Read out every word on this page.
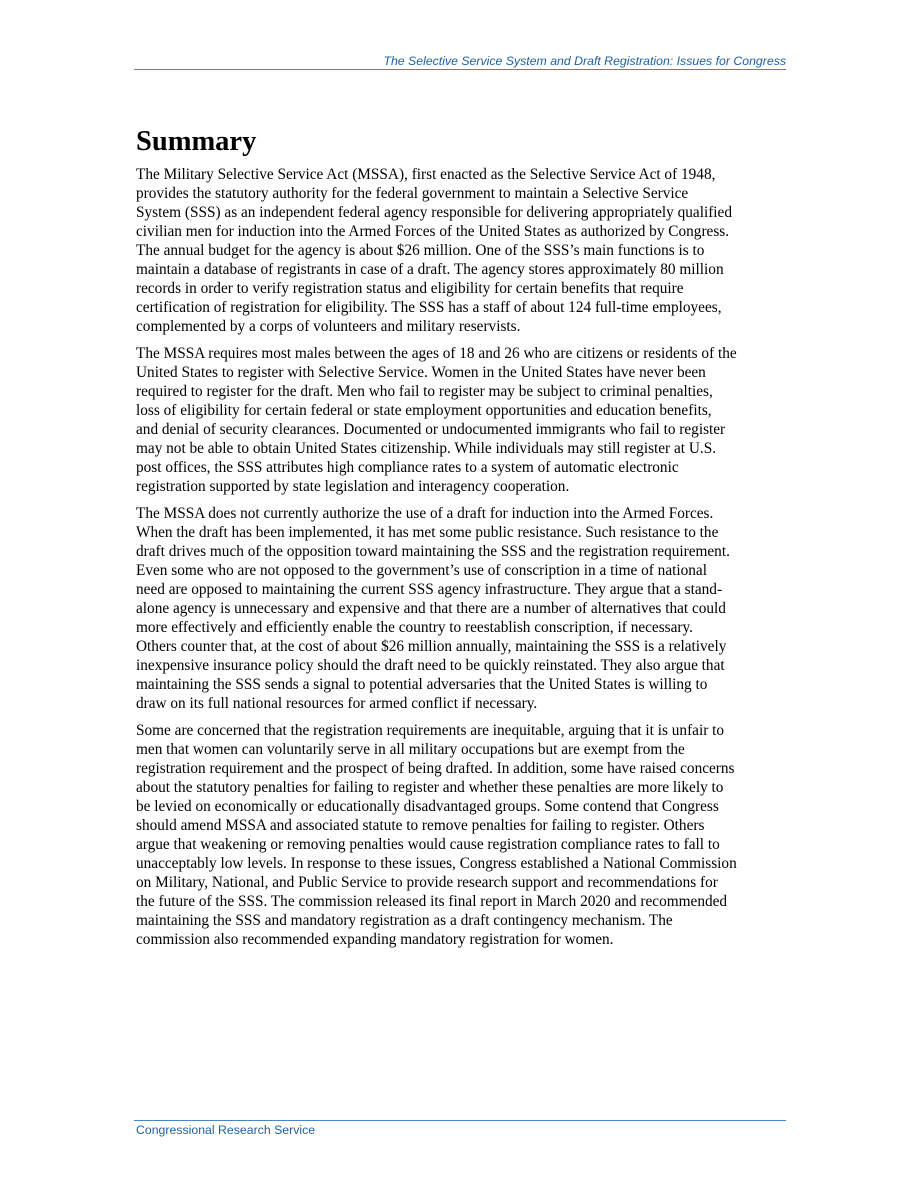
The Selective Service System and Draft Registration: Issues for Congress
Summary

The Military Selective Service Act (MSSA), first enacted as the Selective Service Act of 1948,
provides the statutory authority for the federal government to maintain a Selective Service
System (SSS) as an independent federal agency responsible for delivering appropriately qualified
civilian men for induction into the Armed Forces of the United States as authorized by Congress.
The annual budget for the agency is about $26 million. One of the SSS’s main functions is to
maintain a database of registrants in case of a draft. The agency stores approximately 80 million
records in order to verify registration status and eligibility for certain benefits that require
certification of registration for eligibility. The SSS has a staff of about 124 full-time employees,
complemented by a corps of volunteers and military reservists.

The MSSA requires most males between the ages of 18 and 26 who are citizens or residents of the
United States to register with Selective Service. Women in the United States have never been
required to register for the draft. Men who fail to register may be subject to criminal penalties,
loss of eligibility for certain federal or state employment opportunities and education benefits,
and denial of security clearances. Documented or undocumented immigrants who fail to register
may not be able to obtain United States citizenship. While individuals may still register at U.S.
post offices, the SSS attributes high compliance rates to a system of automatic electronic
registration supported by state legislation and interagency cooperation.

The MSSA does not currently authorize the use of a draft for induction into the Armed Forces.
When the draft has been implemented, it has met some public resistance. Such resistance to the
draft drives much of the opposition toward maintaining the SSS and the registration requirement.
Even some who are not opposed to the government’s use of conscription in a time of national
need are opposed to maintaining the current SSS agency infrastructure. They argue that a stand-
alone agency is unnecessary and expensive and that there are a number of alternatives that could
more effectively and efficiently enable the country to reestablish conscription, if necessary.
Others counter that, at the cost of about $26 million annually, maintaining the SSS is a relatively
inexpensive insurance policy should the draft need to be quickly reinstated. They also argue that
maintaining the SSS sends a signal to potential adversaries that the United States is willing to
draw on its full national resources for armed conflict if necessary.

Some are concerned that the registration requirements are inequitable, arguing that it is unfair to
men that women can voluntarily serve in all military occupations but are exempt from the
registration requirement and the prospect of being drafted. In addition, some have raised concerns
about the statutory penalties for failing to register and whether these penalties are more likely to
be levied on economically or educationally disadvantaged groups. Some contend that Congress
should amend MSSA and associated statute to remove penalties for failing to register. Others
argue that weakening or removing penalties would cause registration compliance rates to fall to
unacceptably low levels. In response to these issues, Congress established a National Commission
on Military, National, and Public Service to provide research support and recommendations for
the future of the SSS. The commission released its final report in March 2020 and recommended
maintaining the SSS and mandatory registration as a draft contingency mechanism. The
commission also recommended expanding mandatory registration for women.

Congressional Research Service
